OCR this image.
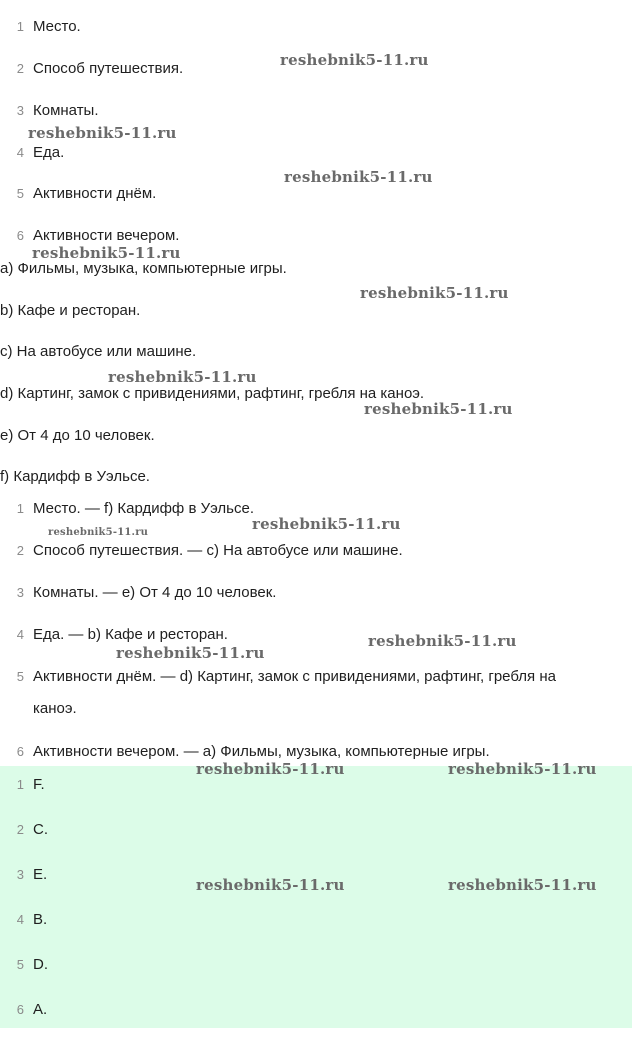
1 Место.
2 Способ путешествия.
3 Комнаты.
4 Еда.
5 Активности днём.
6 Активности вечером.
a) Фильмы, музыка, компьютерные игры.
b) Кафе и ресторан.
c) На автобусе или машине.
d) Картинг, замок с привидениями, рафтинг, гребля на каноэ.
e) От 4 до 10 человек.
f) Кардифф в Уэльсе.
1 Место. — f) Кардифф в Уэльсе.
2 Способ путешествия. — c) На автобусе или машине.
3 Комнаты. — e) От 4 до 10 человек.
4 Еда. — b) Кафе и ресторан.
5 Активности днём. — d) Картинг, замок с привидениями, рафтинг, гребля на
каноэ.
6 Активности вечером. — a) Фильмы, музыка, компьютерные игры.
1 F.
2 C.
3 E.
4 B.
5 D.
6 A.
reshebnik5-11.ru
reshebnik5-11.ru
reshebnik5-11.ru
reshebnik5-11.ru
reshebnik5-11.ru
reshebnik5-11.ru
reshebnik5-11.ru
reshebnik5-11.ru	reshebnik5-11.ru
reshebnik5-11.ru
reshebnik5-11.ru
reshebnik5-11.ru	reshebnik5-11.ru
reshebnik5-11.ru	reshebnik5-11.ru
